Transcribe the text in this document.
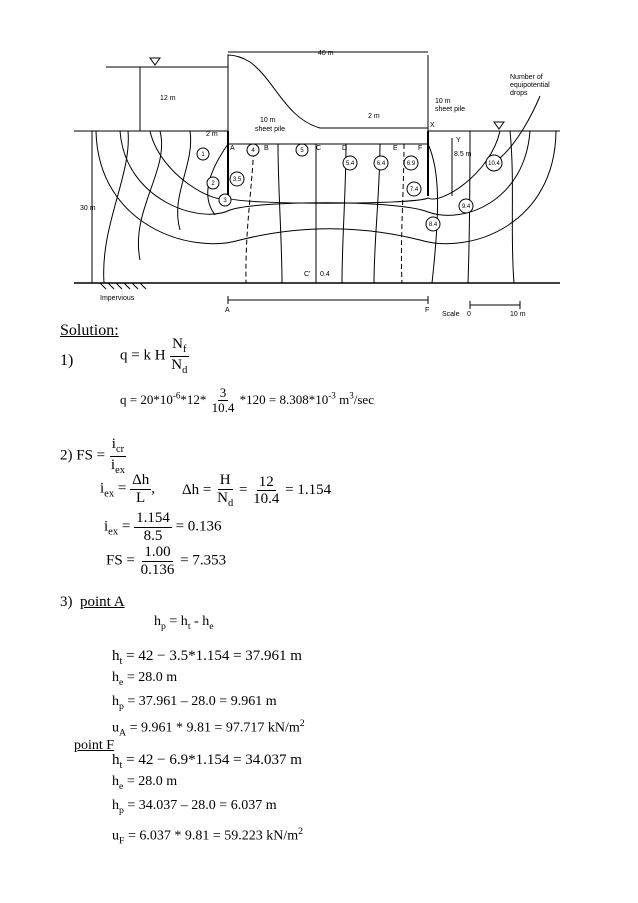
40 m
12 m
30 m
2 m
2 m
8.5 m
10 m
sheet pile
10 m
sheet pile
Number of
equipotential
drops
X
Y
A	B	C	D	E	F
C' 0.4
A	F
Impervious
Scale 0	10 m
1
2
3
3.5
4	5
5.4	6.4	6.9
7.4
8.4
9.4
10.4
Solution:
1)	q = k H $\frac{N_f}{N_d}$
$q = 20*10^{-6}*12* \frac{3}{10.4} *120 = 8.308*10^{-3}$ $m^3/\sec$
2) FS = $\frac{i_{cr}}{i_{ex}}$
$i_{ex} = \frac{\Delta h}{L}$ , $\Delta h = \frac{H}{N_d} = \frac{12}{10.4} = 1.154$
$i_{ex} = \frac{1.154}{8.5} = 0.136$
FS = $\frac{1.00}{0.136} = 7.353$
3) point A
$h_p = h_t - h_e$
$h_t = 42 - 3.5*1.154 = 37.961$ m
$h_e = 28.0$ m
$h_p = 37.961 - 28.0 = 9.961$ m
$u_A = 9.961 * 9.81 = 97.717$ $kN/m^2$
point F
$h_t = 42 - 6.9*1.154 = 34.037$ m
$h_e = 28.0$ m
$h_p = 34.037 - 28.0 = 6.037$ m
$u_F = 6.037 * 9.81 = 59.223$ $kN/m^2$
